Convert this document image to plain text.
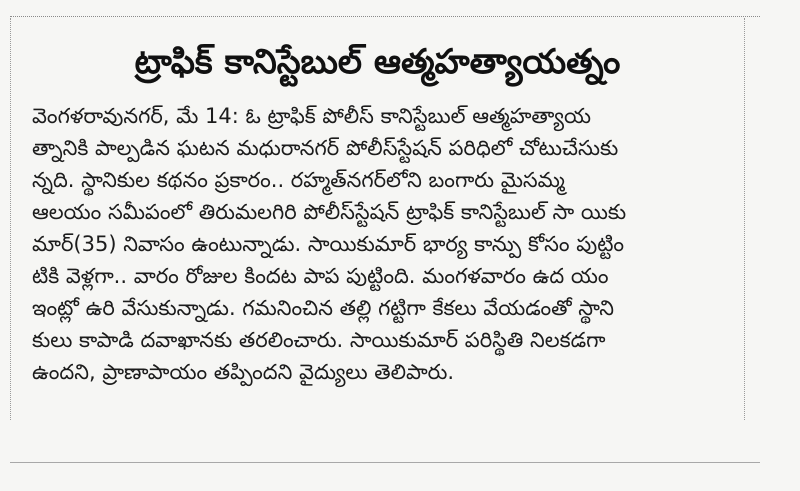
ట్రాఫిక్ కానిస్టేబుల్ ఆత్మహత్యాయత్నం
వెంగళరావునగర్, మే 14: ఓ ట్రాఫిక్ పోలీస్ కానిస్టేబుల్ ఆత్మహత్యాయ
త్నానికి పాల్పడిన ఘటన మధురానగర్ పోలీస్‌స్టేషన్ పరిధిలో చోటుచేసుకు
న్నది. స్థానికుల కథనం ప్రకారం.. రహ్మత్‌నగర్‌లోని బంగారు మైసమ్మ
ఆలయం సమీపంలో తిరుమలగిరి పోలీస్‌స్టేషన్ ట్రాఫిక్ కానిస్టేబుల్ సా యికు
మార్(35) నివాసం ఉంటున్నాడు. సాయికుమార్ భార్య కాన్పు కోసం పుట్టిం
టికి వెళ్లగా.. వారం రోజుల కిందట పాప పుట్టింది. మంగళవారం ఉద యం
ఇంట్లో ఉరి వేసుకున్నాడు. గమనించిన తల్లి గట్టిగా కేకలు వేయడంతో స్థాని
కులు కాపాడి దవాఖానకు తరలించారు. సాయికుమార్ పరిస్థితి నిలకడగా
ఉందని, ప్రాణాపాయం తప్పిందని వైద్యులు తెలిపారు.
